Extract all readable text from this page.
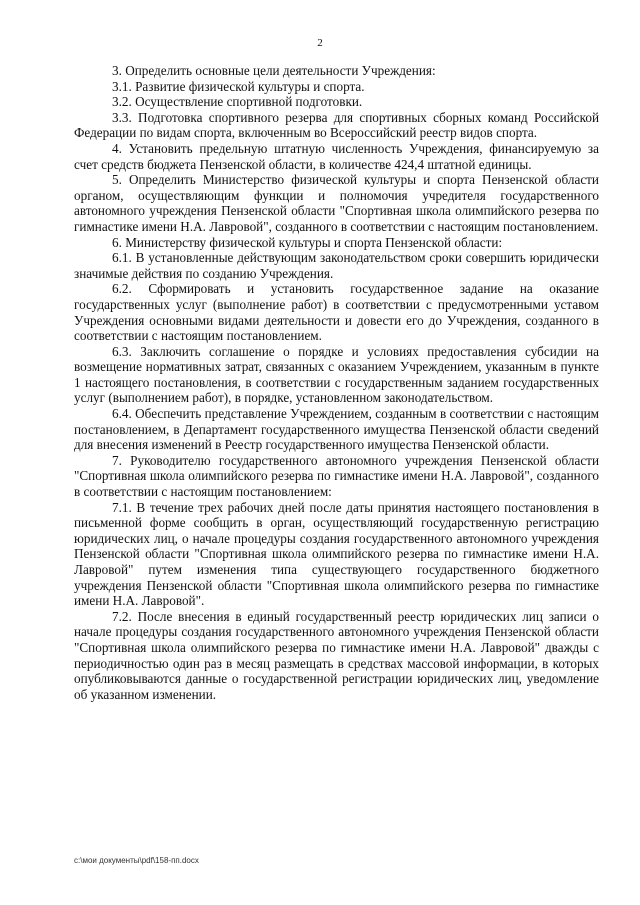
2

3. Определить основные цели деятельности Учреждения:

3.1. Развитие физической культуры и спорта.

3.2. Осуществление спортивной подготовки.

3.3. Подготовка спортивного резерва для спортивных сборных команд Российской Федерации по видам спорта, включенным во Всероссийский реестр видов спорта.

4. Установить предельную штатную численность Учреждения, финансируемую за счет средств бюджета Пензенской области, в количестве 424,4 штатной единицы.

5. Определить Министерство физической культуры и спорта Пензенской области органом, осуществляющим функции и полномочия учредителя государственного автономного учреждения Пензенской области "Спортивная школа олимпийского резерва по гимнастике имени Н.А. Лавровой", созданного в соответствии с настоящим постановлением.

6. Министерству физической культуры и спорта Пензенской области:

6.1. В установленные действующим законодательством сроки совершить юридически значимые действия по созданию Учреждения.

6.2. Сформировать и установить государственное задание на оказание государственных услуг (выполнение работ) в соответствии с предусмотренными уставом Учреждения основными видами деятельности и довести его до Учреждения, созданного в соответствии с настоящим постановлением.

6.3. Заключить соглашение о порядке и условиях предоставления субсидии на возмещение нормативных затрат, связанных с оказанием Учреждением, указанным в пункте 1 настоящего постановления, в соответствии с государственным заданием государственных услуг (выполнением работ), в порядке, установленном законодательством.

6.4. Обеспечить представление Учреждением, созданным в соответствии с настоящим постановлением, в Департамент государственного имущества Пензенской области сведений для внесения изменений в Реестр государственного имущества Пензенской области.

7. Руководителю государственного автономного учреждения Пензенской области "Спортивная школа олимпийского резерва по гимнастике имени Н.А. Лавровой", созданного в соответствии с настоящим постановлением:

7.1. В течение трех рабочих дней после даты принятия настоящего постановления в письменной форме сообщить в орган, осуществляющий государственную регистрацию юридических лиц, о начале процедуры создания государственного автономного учреждения Пензенской области "Спортивная школа олимпийского резерва по гимнастике имени Н.А. Лавровой" путем изменения типа существующего государственного бюджетного учреждения Пензенской области "Спортивная школа олимпийского резерва по гимнастике имени Н.А. Лавровой".

7.2. После внесения в единый государственный реестр юридических лиц записи о начале процедуры создания государственного автономного учреждения Пензенской области "Спортивная школа олимпийского резерва по гимнастике имени Н.А. Лавровой" дважды с периодичностью один раз в месяц размещать в средствах массовой информации, в которых опубликовываются данные о государственной регистрации юридических лиц, уведомление об указанном изменении.

c:\мои документы\pdf\158-пп.docx
